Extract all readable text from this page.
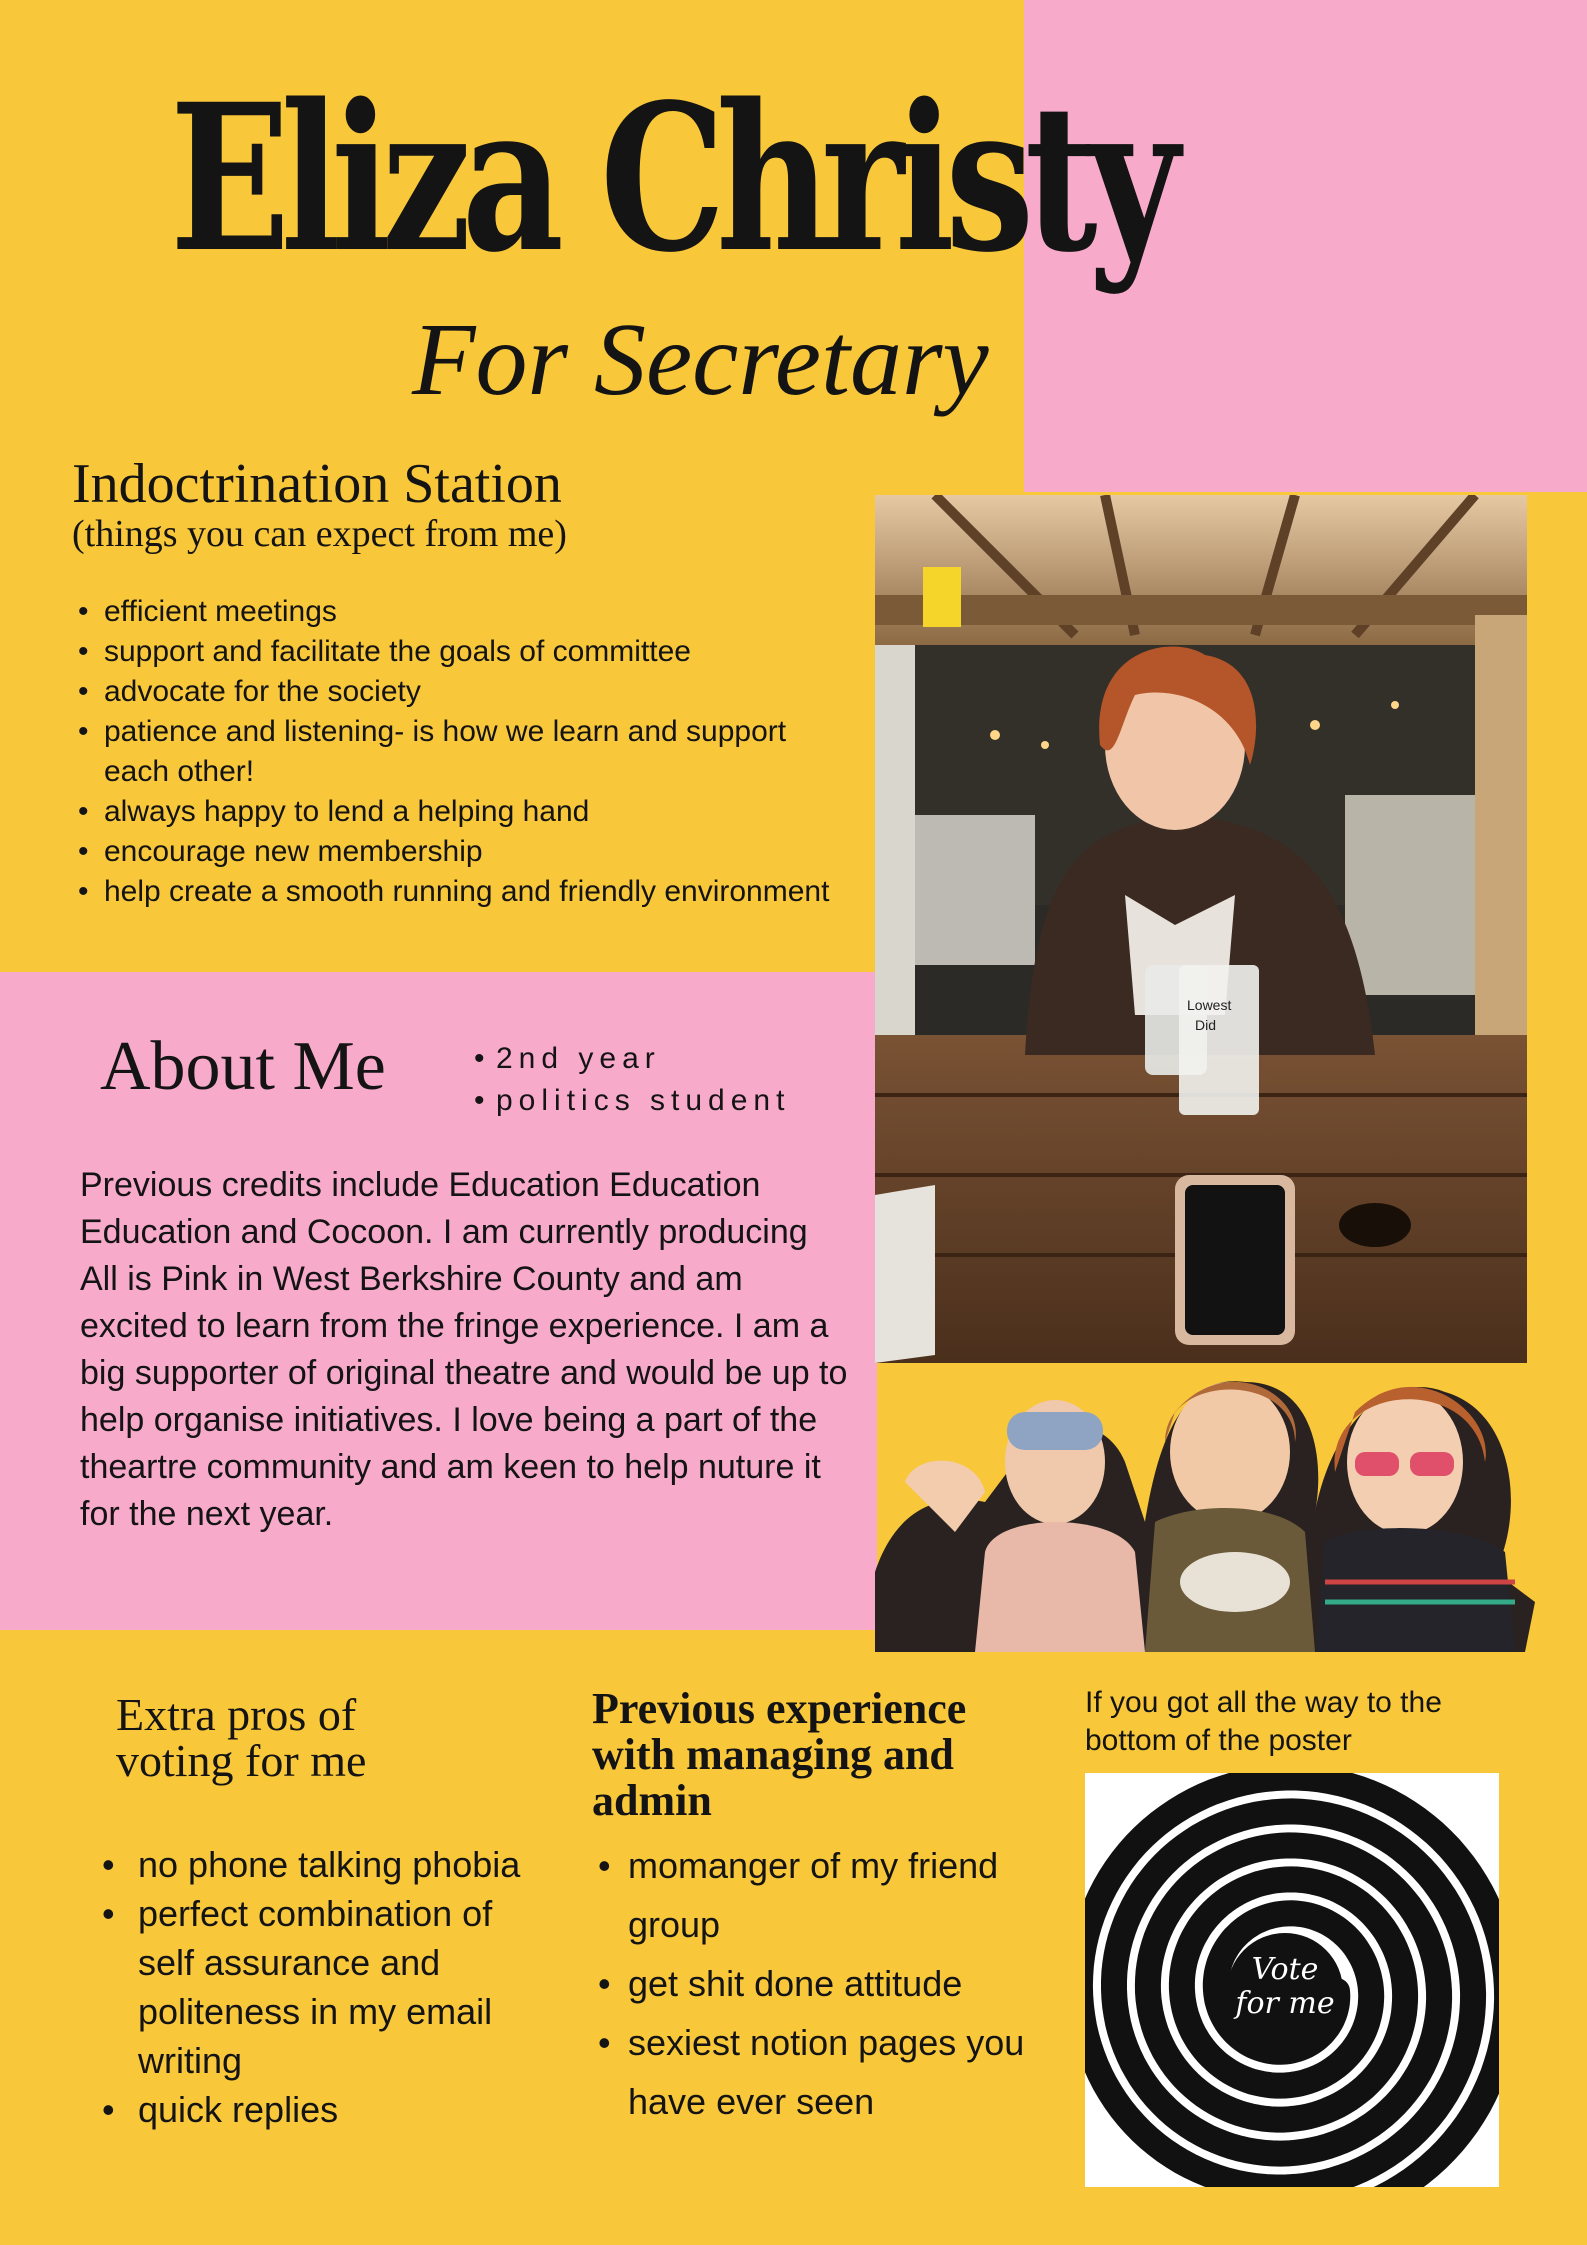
Eliza Christy
For Secretary
Indoctrination Station
(things you can expect from me)
• efficient meetings
• support and facilitate the goals of committee
• advocate for the society
• patience and listening- is how we learn and support each other!
• always happy to lend a helping hand
• encourage new membership
• help create a smooth running and friendly environment
Lowest
Did
About Me
•	2nd year
• politics student
Previous credits include Education Education Education and Cocoon. I am currently producing All is Pink in West Berkshire County and am excited to learn from the fringe experience. I am a big supporter of original theatre and would be up to help organise initiatives. I love being a part of the theartre community and am keen to help nuture it for the next year.
Extra pros of voting for me
• no phone talking phobia
• perfect combination of self assurance and politeness in my email writing
• quick replies
Previous experience with managing and admin
• momanger of my friend group
• get shit done attitude
• sexiest notion pages you have ever seen
If you got all the way to the bottom of the poster
Vote
for me
